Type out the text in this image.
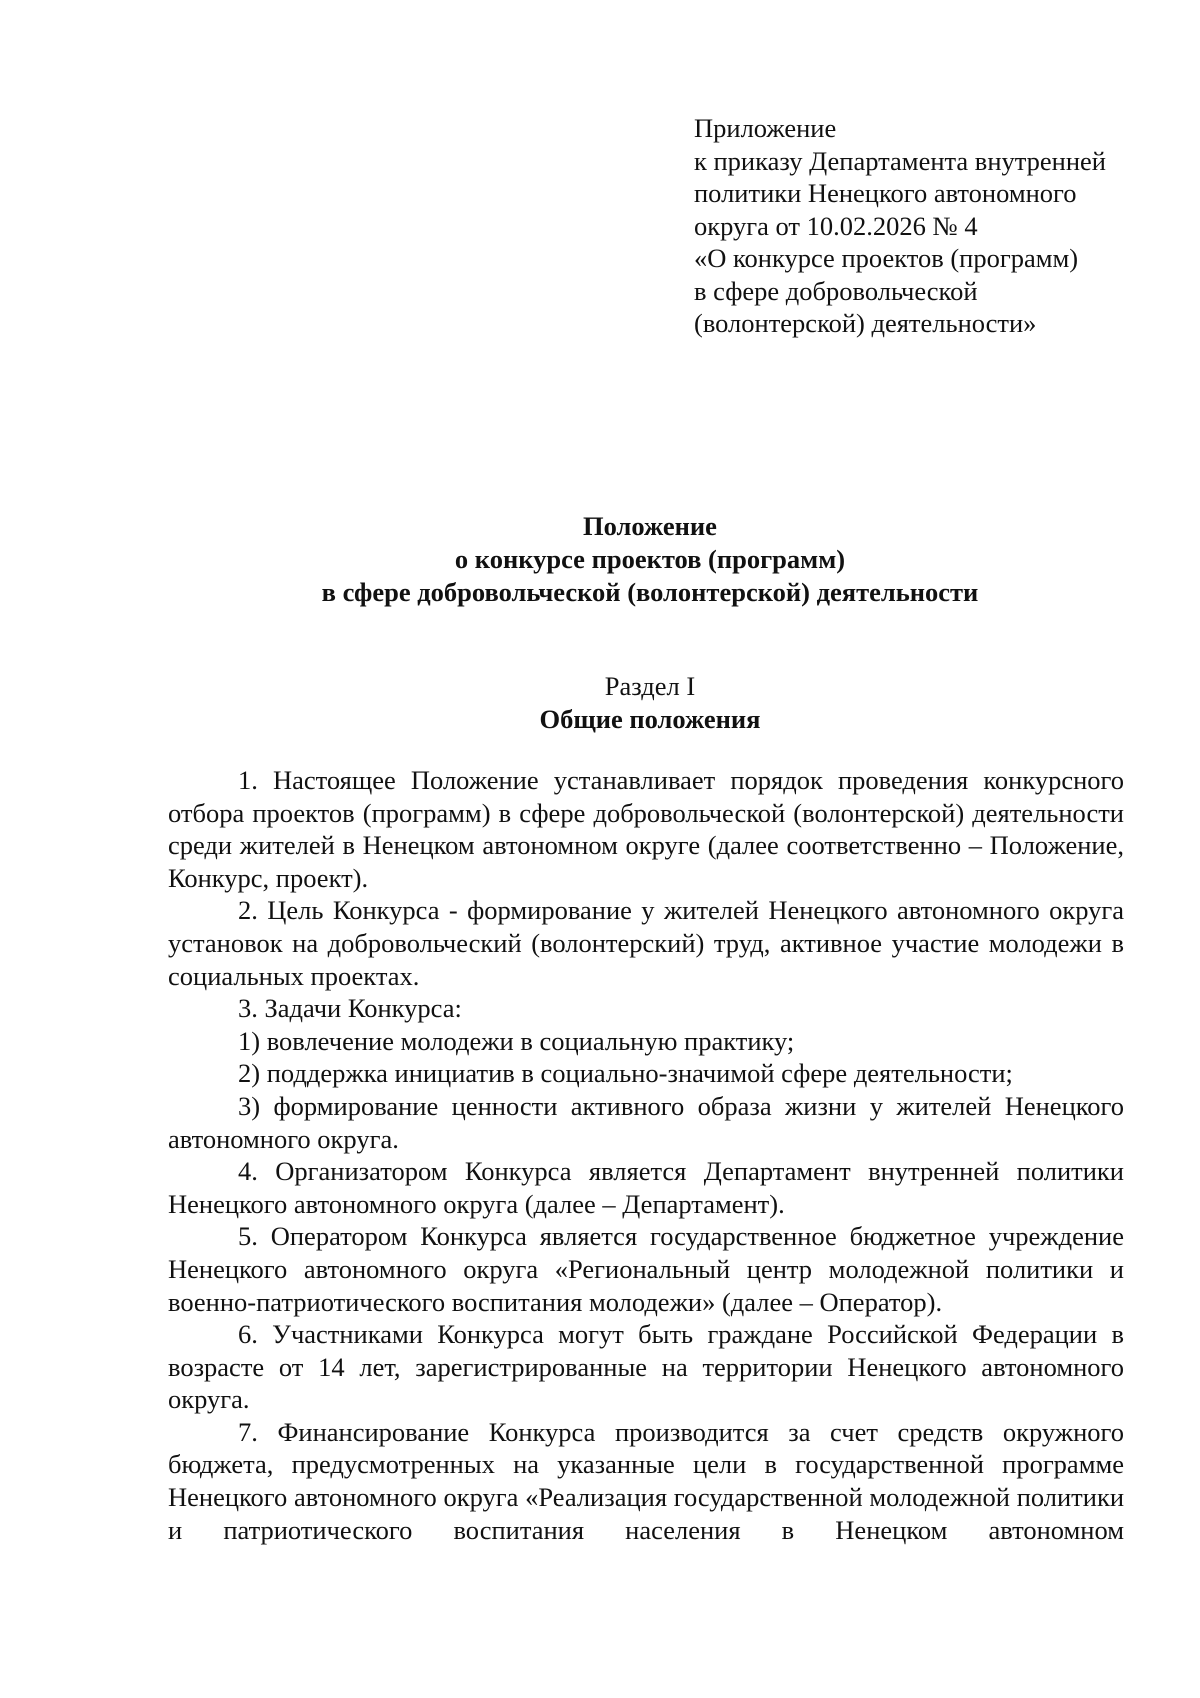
Приложение
к приказу Департамента внутренней
политики Ненецкого автономного
округа от 10.02.2026 № 4
«О конкурсе проектов (программ)
в сфере добровольческой
(волонтерской) деятельности»
Положение
о конкурсе проектов (программ)
в сфере добровольческой (волонтерской) деятельности
Раздел I
Общие положения

1. Настоящее Положение устанавливает порядок проведения конкурсного отбора проектов (программ) в сфере добровольческой (волонтерской) деятельности среди жителей в Ненецком автономном округе (далее соответственно – Положение, Конкурс, проект).

2. Цель Конкурса - формирование у жителей Ненецкого автономного округа установок на добровольческий (волонтерский) труд, активное участие молодежи в социальных проектах.

3. Задачи Конкурса:

1) вовлечение молодежи в социальную практику;

2) поддержка инициатив в социально-значимой сфере деятельности;

3) формирование ценности активного образа жизни у жителей Ненецкого автономного округа.

4. Организатором Конкурса является Департамент внутренней политики Ненецкого автономного округа (далее – Департамент).

5. Оператором Конкурса является государственное бюджетное учреждение Ненецкого автономного округа «Региональный центр молодежной политики и военно-патриотического воспитания молодежи» (далее – Оператор).

6. Участниками Конкурса могут быть граждане Российской Федерации в возрасте от 14 лет, зарегистрированные на территории Ненецкого автономного округа.

7. Финансирование Конкурса производится за счет средств окружного бюджета, предусмотренных на указанные цели в государственной программе Ненецкого автономного округа «Реализация государственной молодежной политики и патриотического воспитания населения в Ненецком автономном
